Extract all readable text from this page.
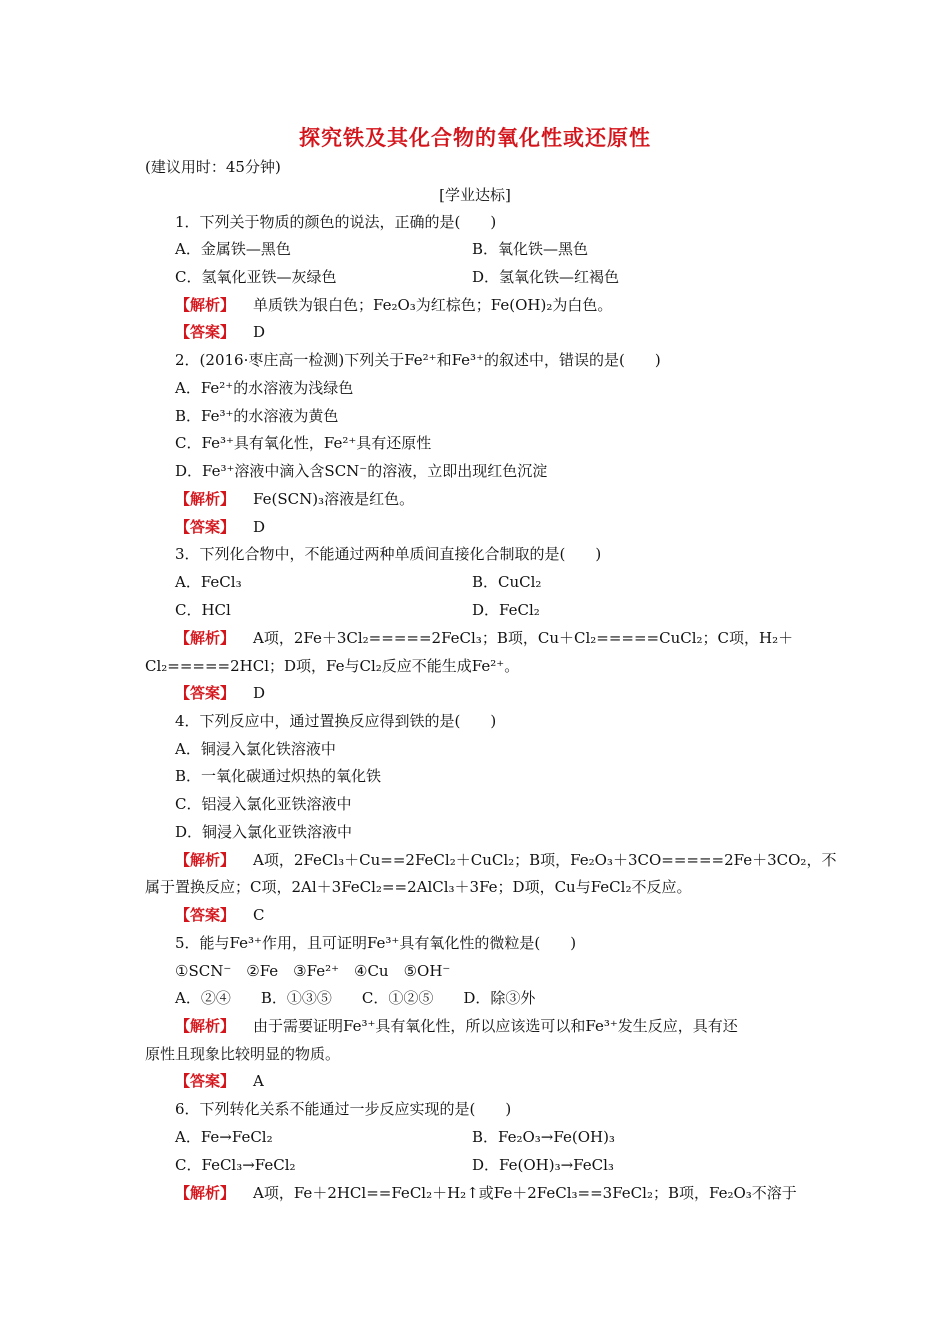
探究铁及其化合物的氧化性或还原性
(建议用时：45分钟)
[学业达标]
1．下列关于物质的颜色的说法，正确的是(　　)
A．金属铁—黑色	B．氧化铁—黑色
C．氢氧化亚铁—灰绿色	D．氢氧化铁—红褐色
【解析】 单质铁为银白色；Fe₂O₃为红棕色；Fe(OH)₂为白色。
【答案】 D
2．(2016·枣庄高一检测)下列关于Fe²⁺和Fe³⁺的叙述中，错误的是(　　)
A．Fe²⁺的水溶液为浅绿色
B．Fe³⁺的水溶液为黄色
C．Fe³⁺具有氧化性，Fe²⁺具有还原性
D．Fe³⁺溶液中滴入含SCN⁻的溶液，立即出现红色沉淀
【解析】 Fe(SCN)₃溶液是红色。
【答案】 D
3．下列化合物中，不能通过两种单质间直接化合制取的是(　　)
A．FeCl₃	B．CuCl₂
C．HCl	D．FeCl₂
【解析】 A项，2Fe＋3Cl₂=====2FeCl₃；B项，Cu＋Cl₂=====CuCl₂；C项，H₂＋
Cl₂=====2HCl；D项，Fe与Cl₂反应不能生成Fe²⁺。
【答案】 D
4．下列反应中，通过置换反应得到铁的是(　　)
A．铜浸入氯化铁溶液中
B．一氧化碳通过炽热的氧化铁
C．铝浸入氯化亚铁溶液中
D．铜浸入氯化亚铁溶液中
【解析】 A项，2FeCl₃＋Cu==2FeCl₂＋CuCl₂；B项，Fe₂O₃＋3CO=====2Fe＋3CO₂，不
属于置换反应；C项，2Al＋3FeCl₂==2AlCl₃＋3Fe；D项，Cu与FeCl₂不反应。
【答案】 C
5．能与Fe³⁺作用，且可证明Fe³⁺具有氧化性的微粒是(　　)
①SCN⁻　②Fe　③Fe²⁺　④Cu　⑤OH⁻
A．②④　　B．①③⑤　　C．①②⑤　　D．除③外
【解析】 由于需要证明Fe³⁺具有氧化性，所以应该选可以和Fe³⁺发生反应，具有还
原性且现象比较明显的物质。
【答案】 A
6．下列转化关系不能通过一步反应实现的是(　　)
A．Fe→FeCl₂	B．Fe₂O₃→Fe(OH)₃
C．FeCl₃→FeCl₂	D．Fe(OH)₃→FeCl₃
【解析】 A项，Fe＋2HCl==FeCl₂＋H₂↑或Fe＋2FeCl₃==3FeCl₂；B项，Fe₂O₃不溶于
